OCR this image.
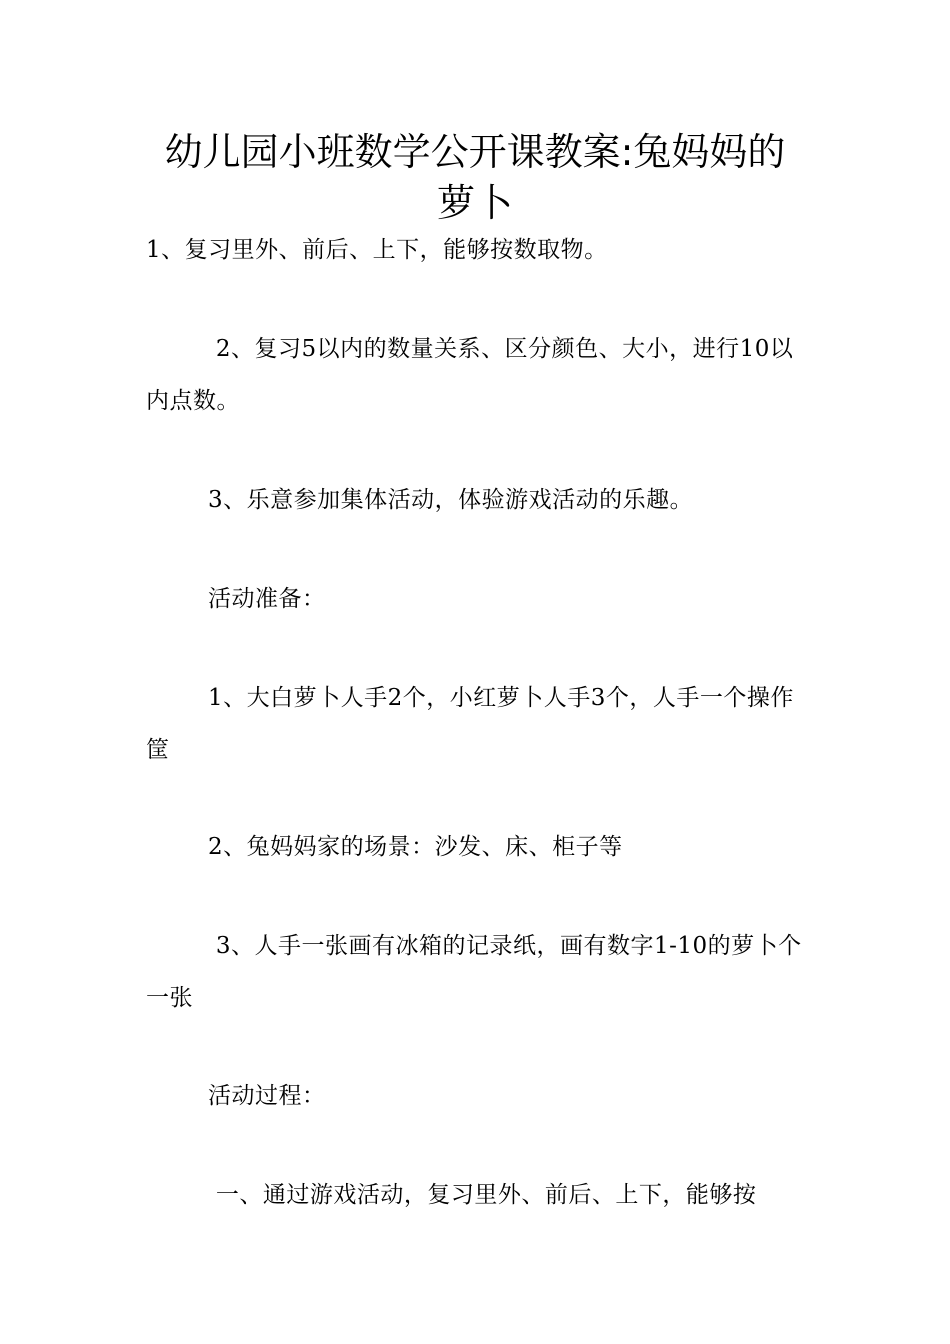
幼儿园小班数学公开课教案:兔妈妈的
萝卜

1、复习里外、前后、上下，能够按数取物。

2、复习5以内的数量关系、区分颜色、大小，进行10以内点数。

3、乐意参加集体活动，体验游戏活动的乐趣。

活动准备：

1、大白萝卜人手2个，小红萝卜人手3个，人手一个操作筐

2、兔妈妈家的场景：沙发、床、柜子等

3、人手一张画有冰箱的记录纸，画有数字1-10的萝卜个一张

活动过程：

一、通过游戏活动，复习里外、前后、上下，能够按
